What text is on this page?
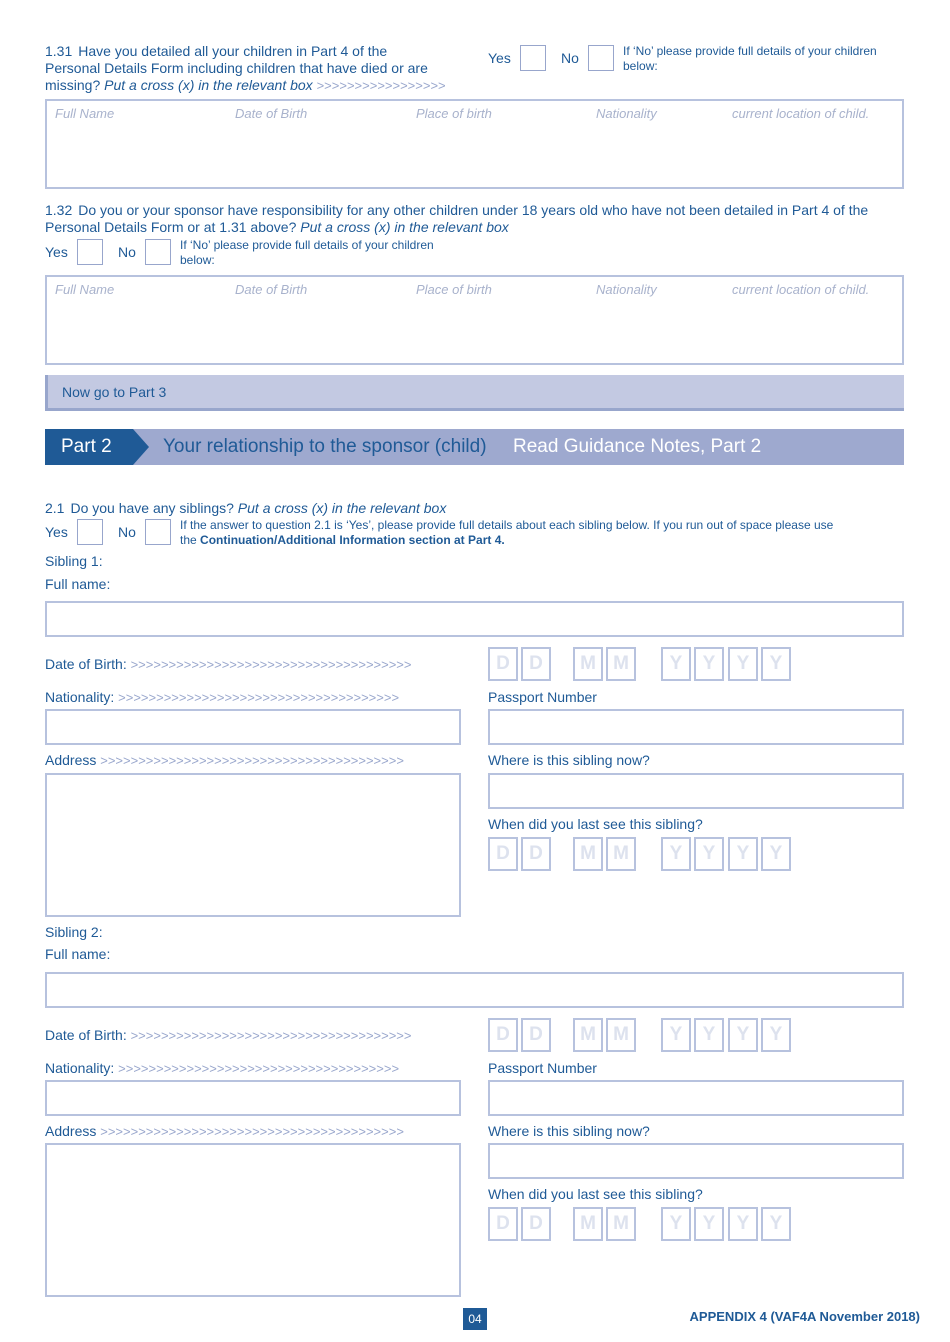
1.31 Have you detailed all your children in Part 4 of the
Personal Details Form including children that have died or are
missing? Put a cross (x) in the relevant box >>>>>>>>>>>>>>>>>
Yes	No	If ‘No’ please provide full details of your children below:
Full Name	Date of Birth	Place of birth	Nationality	current location of child.
1.32 Do you or your sponsor have responsibility for any other children under 18 years old who have not been detailed in Part 4 of the
Personal Details Form or at 1.31 above? Put a cross (x) in the relevant box
Yes	No	If ‘No’ please provide full details of your children below:
Full Name	Date of Birth	Place of birth	Nationality	current location of child.
Now go to Part 3
Part 2	Your relationship to the sponsor (child) Read Guidance Notes, Part 2
2.1 Do you have any siblings? Put a cross (x) in the relevant box
Yes	No	If the answer to question 2.1 is ‘Yes’, please provide full details about each sibling below. If you run out of space please use
the Continuation/Additional Information section at Part 4.
Sibling 1:
Full name:
Date of Birth: >>>>>>>>>>>>>>>>>>>>>>>>>>>>>>>>>>>>>	D	D	M M	Y	Y	Y	Y
Nationality: >>>>>>>>>>>>>>>>>>>>>>>>>>>>>>>>>>>>>	Passport Number
Address >>>>>>>>>>>>>>>>>>>>>>>>>>>>>>>>>>>>>>>>	Where is this sibling now?
When did you last see this sibling?
D	D	M M	Y	Y	Y	Y
Sibling 2:
Full name:
Date of Birth: >>>>>>>>>>>>>>>>>>>>>>>>>>>>>>>>>>>>>	D	D	M M	Y	Y	Y	Y
Nationality: >>>>>>>>>>>>>>>>>>>>>>>>>>>>>>>>>>>>>	Passport Number
Address >>>>>>>>>>>>>>>>>>>>>>>>>>>>>>>>>>>>>>>>	Where is this sibling now?
When did you last see this sibling?
D	D	M M	Y	Y	Y	Y
04	APPENDIX 4 (VAF4A November 2018)
